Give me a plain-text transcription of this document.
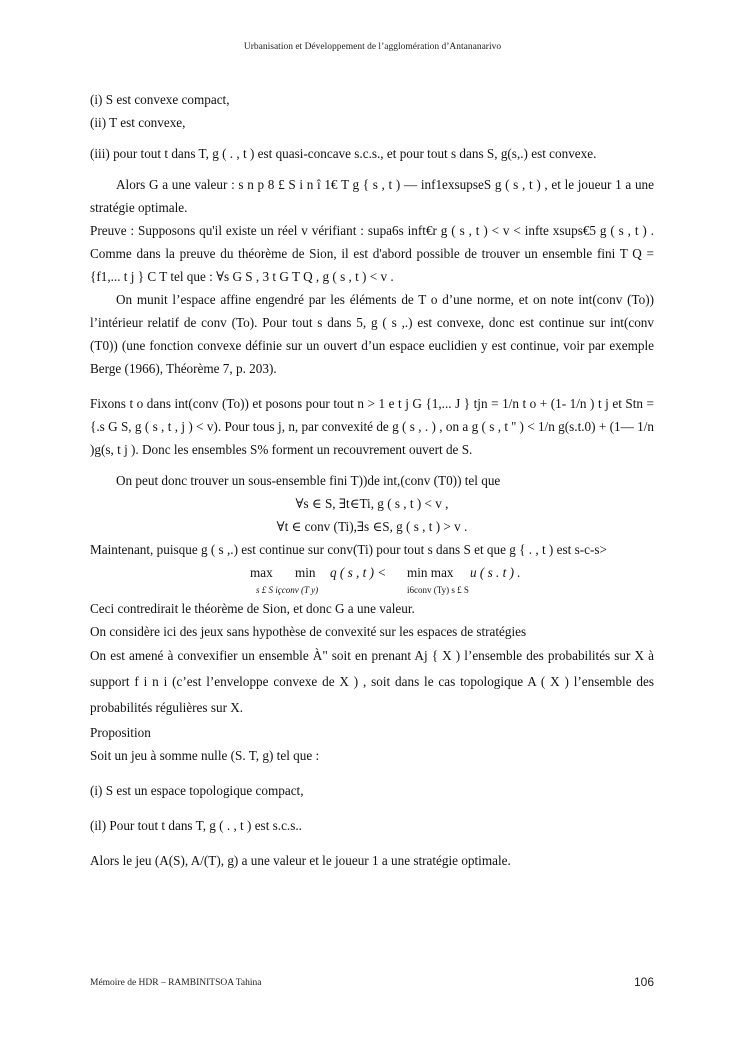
Urbanisation et Développement de l’agglomération d’Antananarivo

(i) S est convexe compact,

(ii) T est convexe,

(iii) pour tout t dans T, g ( . , t ) est quasi-concave s.c.s., et pour tout s dans S, g(s,.) est convexe.

Alors G a une valeur : s n p 8 £ S i n î 1€ T g { s , t ) — inf1exsupseS g ( s , t ) , et le joueur 1 a une stratégie optimale.

Preuve : Supposons qu'il existe un réel v vérifiant : supa6s inft€r g ( s , t ) < v < infte xsups€5 g ( s , t ) . Comme dans la preuve du théorème de Sion, il est d'abord possible de trouver un ensemble fini T Q = {f1,... t j } C T tel que : ∀s G S , 3 t G T Q , g ( s , t ) < v .

On munit l’espace affine engendré par les éléments de T o d’une norme, et on note int(conv (To)) l’intérieur relatif de conv (To). Pour tout s dans 5, g ( s ,.) est convexe, donc est continue sur int(conv (T0)) (une fonction convexe définie sur un ouvert d’un espace euclidien y est continue, voir par exemple Berge (1966), Théorème 7, p. 203).

Fixons t o dans int(conv (To)) et posons pour tout n > 1 e t j G {1,... J } tjn = 1/n t o + (1- 1/n ) t j et Stn = {.s G S, g ( s , t , j ) < v). Pour tous j, n, par convexité de g ( s , . ) , on a g ( s , t '' ) < 1/n g(s.t.0) + (1— 1/n )g(s, t j ). Donc les ensembles S% forment un recouvrement ouvert de S.

On peut donc trouver un sous-ensemble fini T))de int,(conv (T0)) tel que

∀s ∈ S, ∃t∈Ti, g ( s , t ) < v ,

∀t ∈ conv (Ti),∃s ∈S, g ( s , t ) > v .

Maintenant, puisque g ( s ,.) est continue sur conv(Ti) pour tout s dans S et que g { . , t ) est s-c-s>

max min q ( s , t ) < min max u ( s . t ) .
s £ S içconv (T y)	i6conv (Ty) s £ S

Ceci contredirait le théorème de Sion, et donc G a une valeur.

On considère ici des jeux sans hypothèse de convexité sur les espaces de stratégies

On est amené à convexifier un ensemble À" soit en prenant Aj { X ) l’ensemble des probabilités sur X à support f i n i (c’est l’enveloppe convexe de X ) , soit dans le cas topologique A ( X ) l’ensemble des probabilités régulières sur X.

Proposition

Soit un jeu à somme nulle (S. T, g) tel que :

(i) S est un espace topologique compact,

(il) Pour tout t dans T, g ( . , t ) est s.c.s..

Alors le jeu (A(S), A/(T), g) a une valeur et le joueur 1 a une stratégie optimale.

Mémoire de HDR – RAMBINITSOA Tahina	106
